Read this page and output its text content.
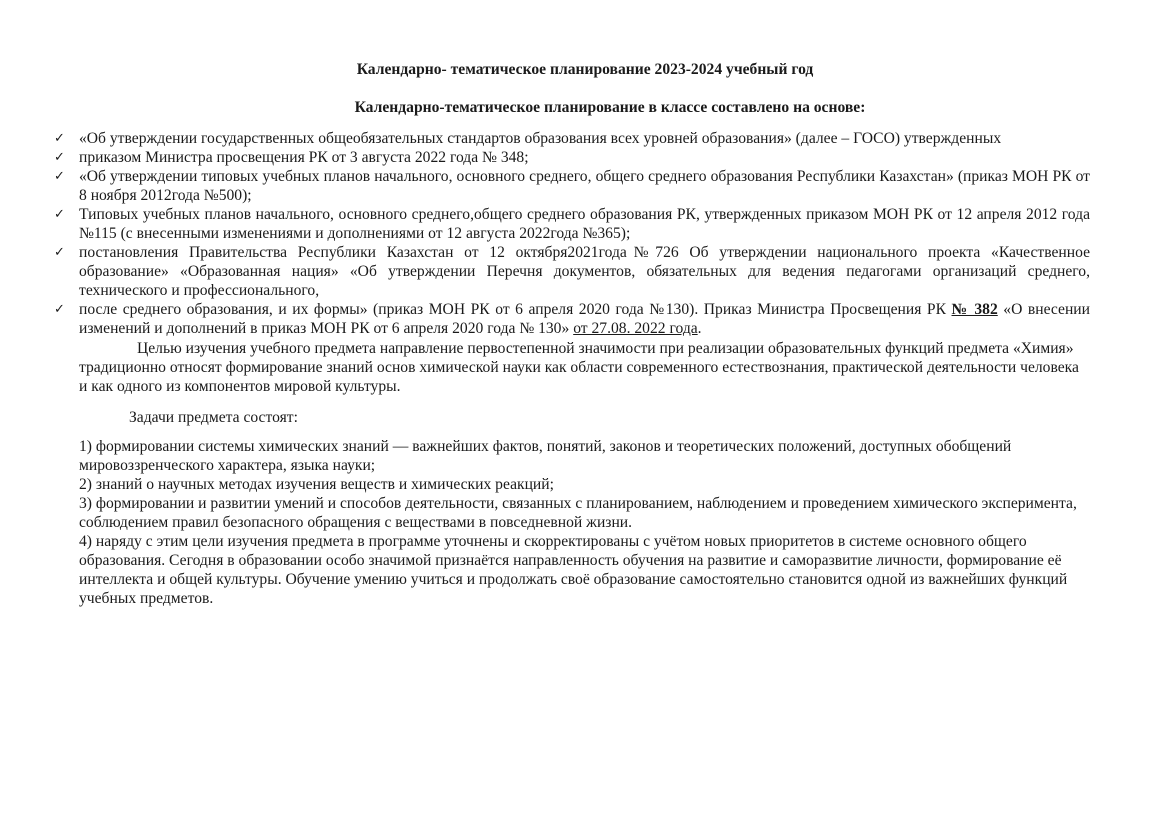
Календарно- тематическое планирование 2023-2024 учебный год
Календарно-тематическое планирование в классе составлено на основе:
✓ «Об утверждении государственных общеобязательных стандартов образования всех уровней образования» (далее – ГОСО) утвержденных
✓ приказом Министра просвещения РК от 3 августа 2022 года № 348;
✓ «Об утверждении типовых учебных планов начального, основного среднего, общего среднего образования Республики Казахстан» (приказ МОН РК от 8 ноября 2012года №500);
✓ Типовых учебных планов начального, основного среднего,общего среднего образования РК, утвержденных приказом МОН РК от 12 апреля 2012 года №115 (с внесенными изменениями и дополнениями от 12 августа 2022года №365);
✓ постановления Правительства Республики Казахстан от 12 октября2021года№726 Об утверждении национального проекта «Качественное образование» «Образованная нация» «Об утверждении Перечня документов, обязательных для ведения педагогами организаций среднего, технического и профессионального,
✓ после среднего образования, и их формы» (приказ МОН РК от 6 апреля 2020 года №130). Приказ Министра Просвещения РК № 382 «О внесении изменений и дополнений в приказ МОН РК от 6 апреля 2020 года № 130» от 27.08. 2022 года.
Целью изучения учебного предмета направление первостепенной значимости при реализации образовательных функций предмета «Химия» традиционно относят формирование знаний основ химической науки как области современного естествознания, практической деятельности человека и как одного из компонентов мировой культуры.
Задачи предмета состоят:

1) формировании системы химических знаний — важнейших фактов, понятий, законов и теоретических положений, доступных обобщений мировоззренческого характера, языка науки;

2) знаний о научных методах изучения веществ и химических реакций;

3) формировании и развитии умений и способов деятельности, связанных с планированием, наблюдением и проведением химического эксперимента, соблюдением правил безопасного обращения с веществами в повседневной жизни.

4) наряду с этим цели изучения предмета в программе уточнены и скорректированы с учётом новых приоритетов в системе основного общего образования. Сегодня в образовании особо значимой признаётся направленность обучения на развитие и саморазвитие личности, формирование её интеллекта и общей культуры. Обучение умению учиться и продолжать своё образование самостоятельно становится одной из важнейших функций учебных предметов.
